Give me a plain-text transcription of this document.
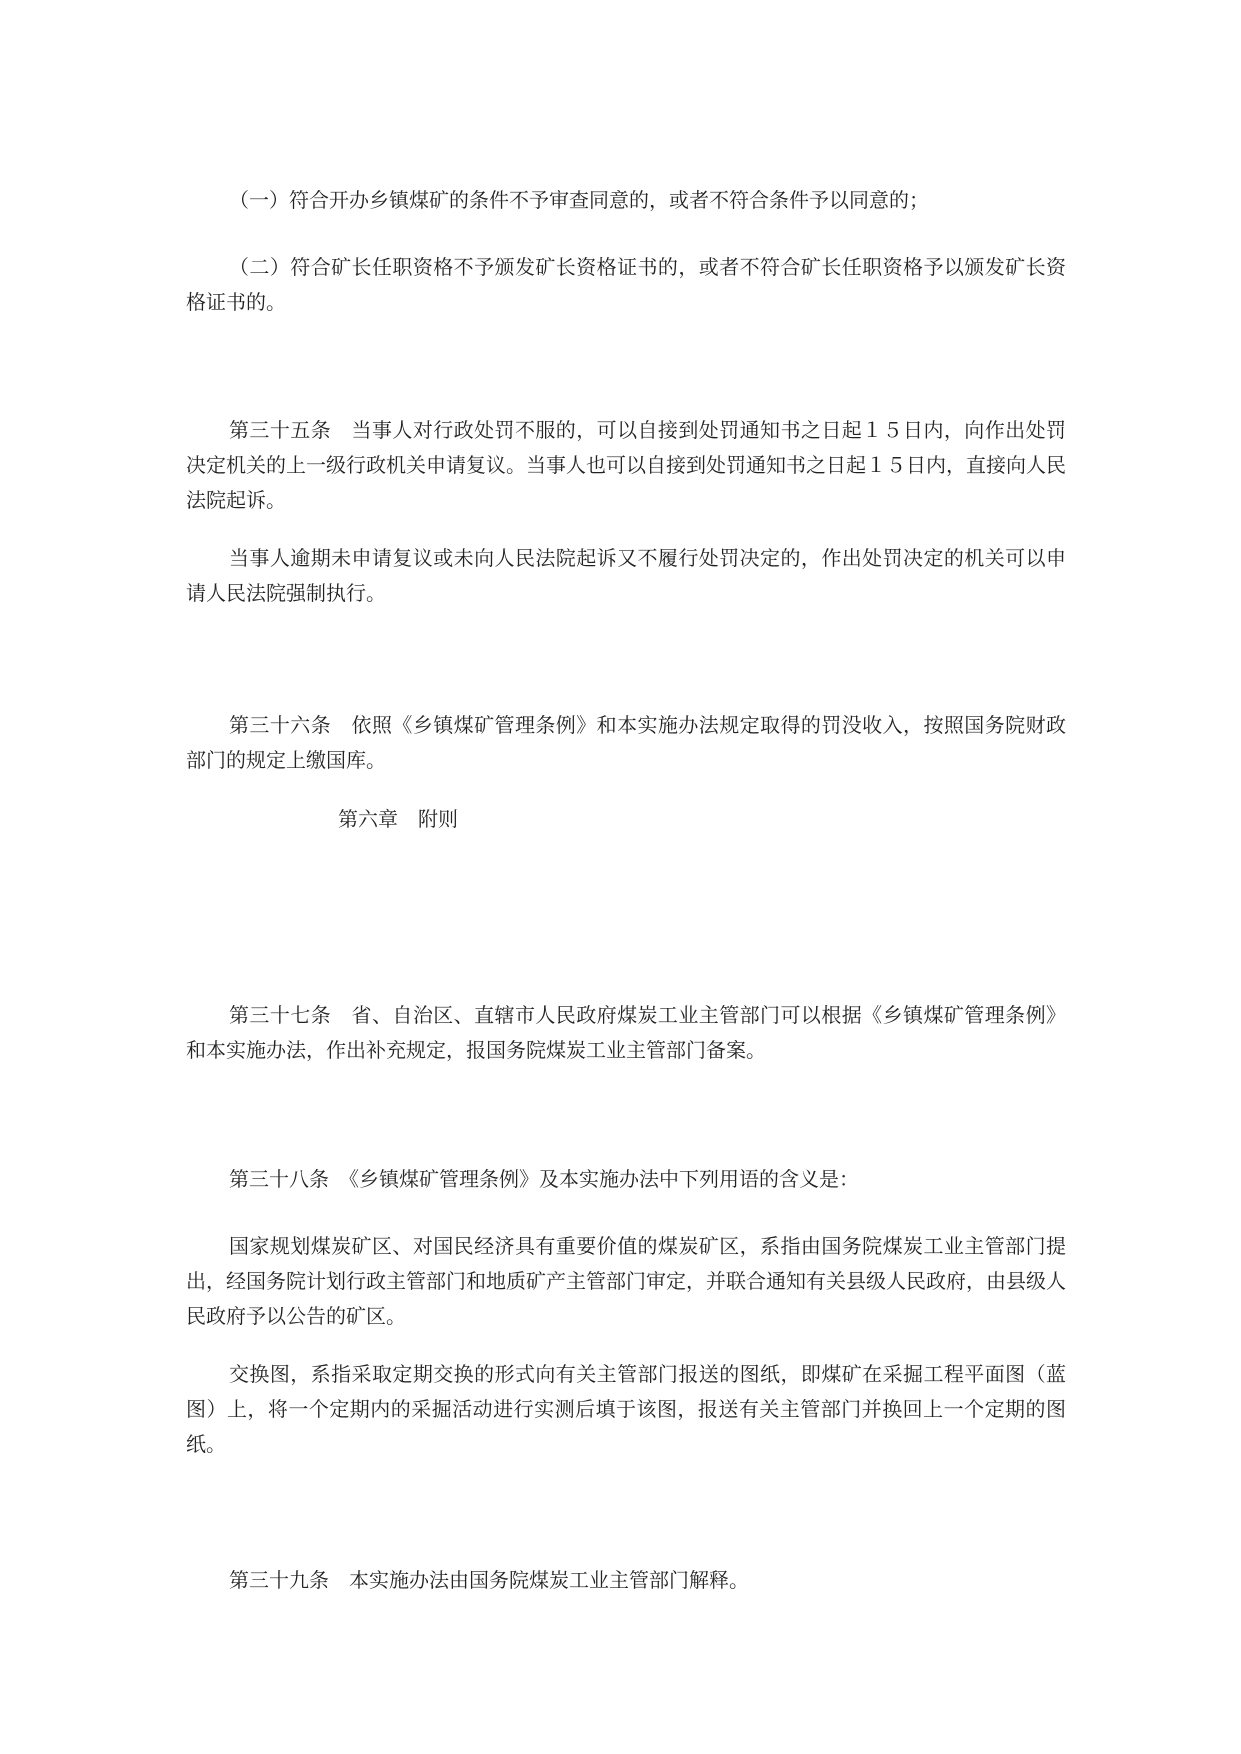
（一）符合开办乡镇煤矿的条件不予审查同意的，或者不符合条件予以同意的；

（二）符合矿长任职资格不予颁发矿长资格证书的，或者不符合矿长任职资格予以颁发矿长资格证书的。

第三十五条　当事人对行政处罚不服的，可以自接到处罚通知书之日起１５日内，向作出处罚决定机关的上一级行政机关申请复议。当事人也可以自接到处罚通知书之日起１５日内，直接向人民法院起诉。

当事人逾期未申请复议或未向人民法院起诉又不履行处罚决定的，作出处罚决定的机关可以申请人民法院强制执行。

第三十六条　依照《乡镇煤矿管理条例》和本实施办法规定取得的罚没收入，按照国务院财政部门的规定上缴国库。

第六章　附则

第三十七条　省、自治区、直辖市人民政府煤炭工业主管部门可以根据《乡镇煤矿管理条例》和本实施办法，作出补充规定，报国务院煤炭工业主管部门备案。

第三十八条　《乡镇煤矿管理条例》及本实施办法中下列用语的含义是：

国家规划煤炭矿区、对国民经济具有重要价值的煤炭矿区，系指由国务院煤炭工业主管部门提出，经国务院计划行政主管部门和地质矿产主管部门审定，并联合通知有关县级人民政府，由县级人民政府予以公告的矿区。

交换图，系指采取定期交换的形式向有关主管部门报送的图纸，即煤矿在采掘工程平面图（蓝图）上，将一个定期内的采掘活动进行实测后填于该图，报送有关主管部门并换回上一个定期的图纸。

第三十九条　本实施办法由国务院煤炭工业主管部门解释。
